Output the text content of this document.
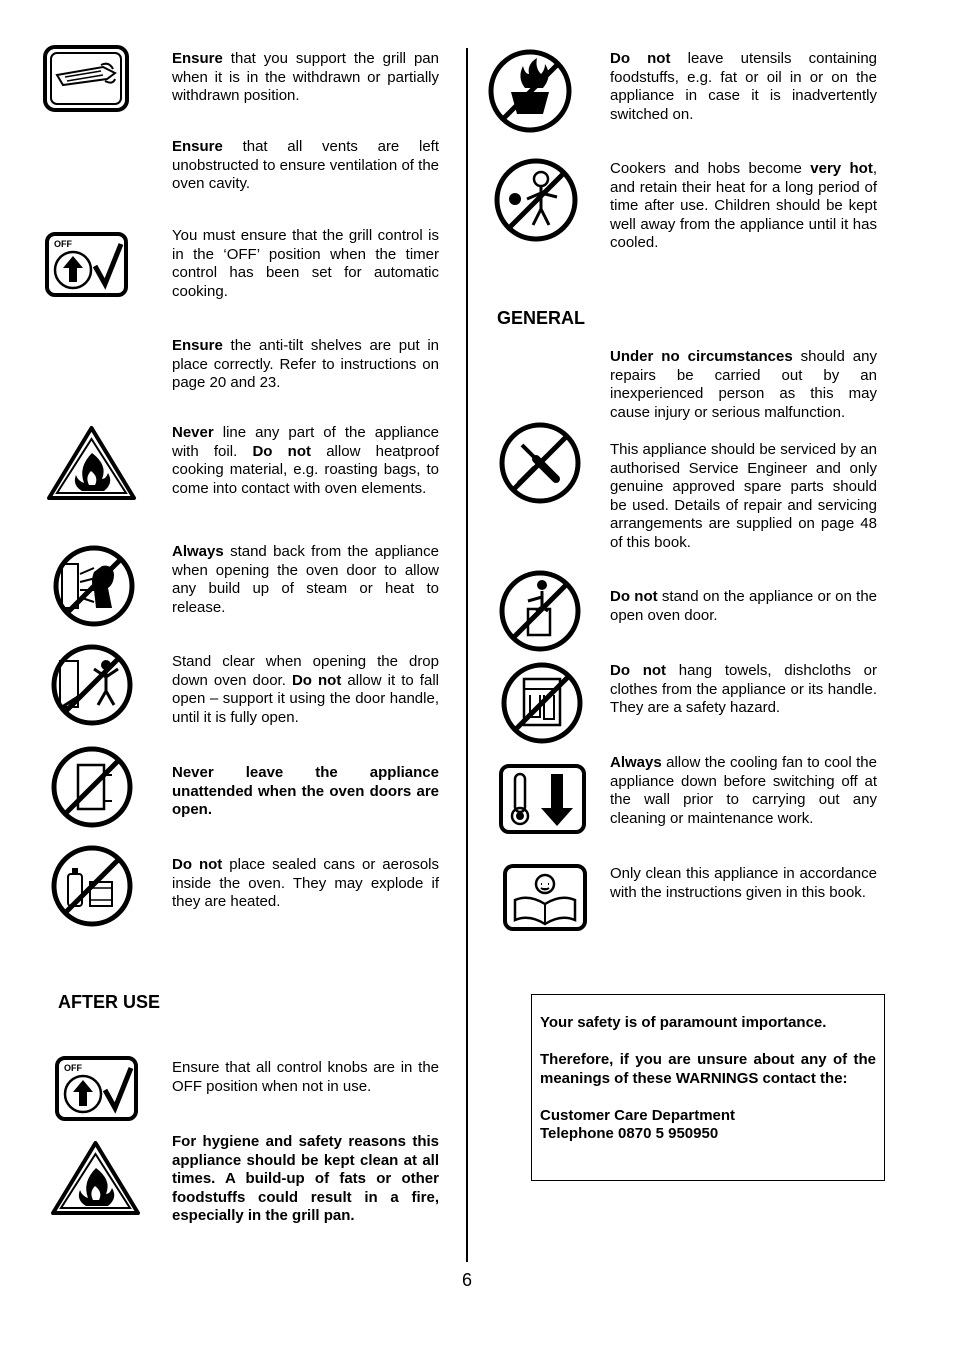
OFF
OFF
Ensure that you support the grill pan when it is in the withdrawn or partially withdrawn position.
Ensure that all vents are left unobstructed to ensure ventilation of the oven cavity.
You must ensure that the grill control is in the ‘OFF’ position when the timer control has been set for automatic cooking.
Ensure the anti-tilt shelves are put in place correctly. Refer to instructions on page 20 and 23.
Never line any part of the appliance with foil. Do not allow heatproof cooking material, e.g. roasting bags, to come into contact with oven elements.
Always stand back from the appliance when opening the oven door to allow any build up of steam or heat to release.
Stand clear when opening the drop down oven door. Do not allow it to fall open – support it using the door handle, until it is fully open.
Never leave the appliance unattended when the oven doors are open.
Do not place sealed cans or aerosols inside the oven. They may explode if they are heated.
AFTER USE
Ensure that all control knobs are in the OFF position when not in use.
For hygiene and safety reasons this appliance should be kept clean at all times. A build-up of fats or other foodstuffs could result in a fire, especially in the grill pan.
Do not leave utensils containing foodstuffs, e.g. fat or oil in or on the appliance in case it is inadvertently switched on.
Cookers and hobs become very hot, and retain their heat for a long period of time after use. Children should be kept well away from the appliance until it has cooled.
GENERAL
Under no circumstances should any repairs be carried out by an inexperienced person as this may cause injury or serious malfunction.
This appliance should be serviced by an authorised Service Engineer and only genuine approved spare parts should be used. Details of repair and servicing arrangements are supplied on page 48 of this book.
Do not stand on the appliance or on the open oven door.
Do not hang towels, dishcloths or clothes from the appliance or its handle. They are a safety hazard.
Always allow the cooling fan to cool the appliance down before switching off at the wall prior to carrying out any cleaning or maintenance work.
Only clean this appliance in accordance with the instructions given in this book.

Your safety is of paramount importance.

Therefore, if you are unsure about any of the meanings of these WARNINGS contact the:

Customer Care Department
Telephone 0870 5 950950
6
